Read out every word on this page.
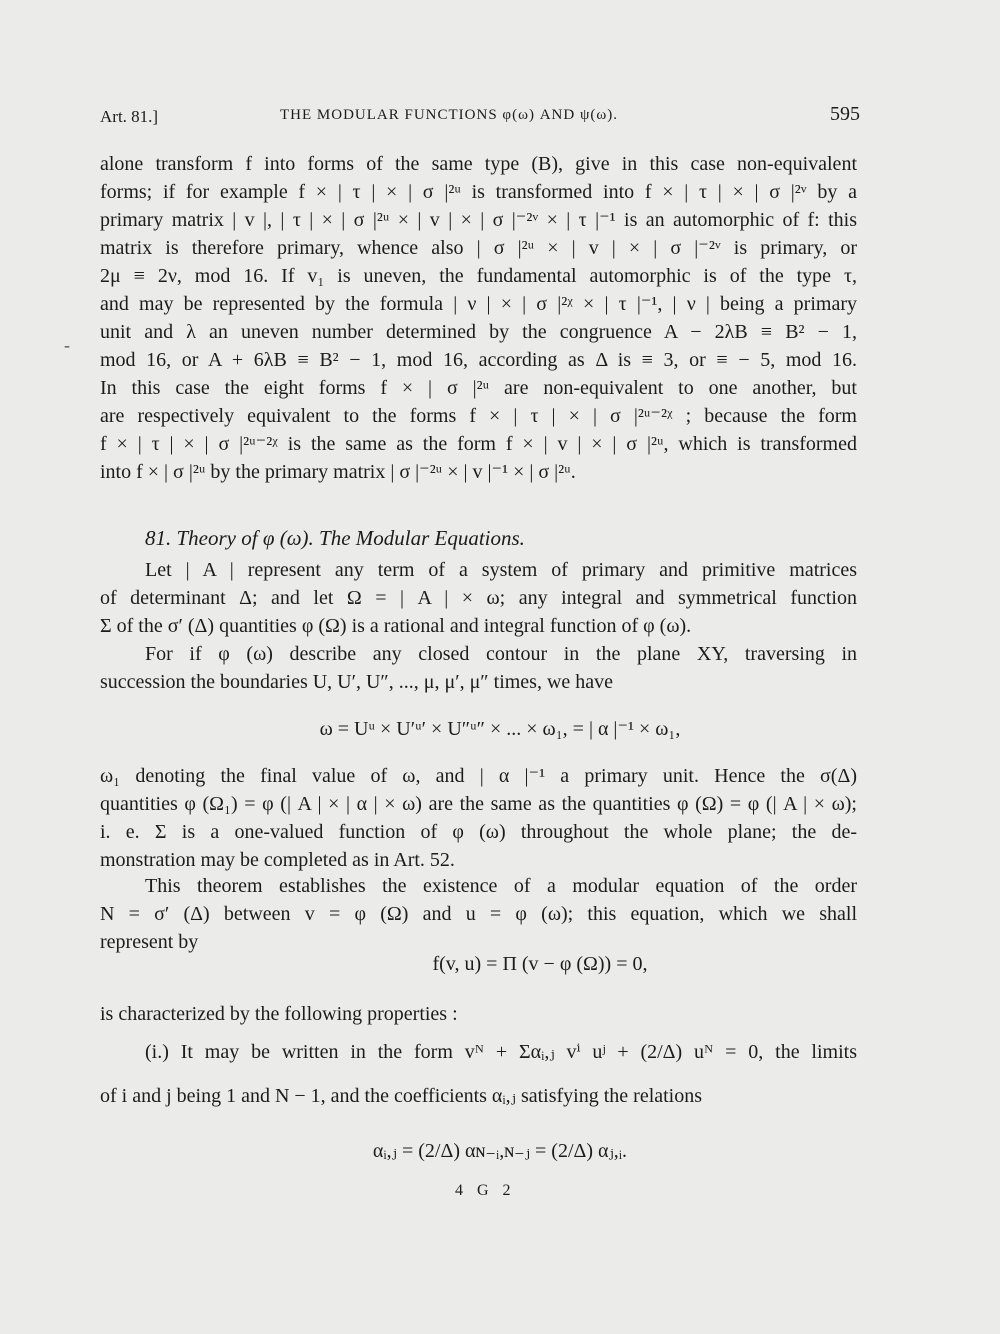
Art. 81.]	THE MODULAR FUNCTIONS φ(ω) AND ψ(ω).	595
alone transform f into forms of the same type (B), give in this case non-equivalent
forms; if for example f × | τ | × | σ |²ᵘ is transformed into f × | τ | × | σ |²ᵛ by a
primary matrix | v |, | τ | × | σ |²ᵘ × | v | × | σ |⁻²ᵛ × | τ |⁻¹ is an automorphic of f: this
matrix is therefore primary, whence also | σ |²ᵘ × | v | × | σ |⁻²ᵛ is primary, or
2μ ≡ 2ν, mod 16. If v₁ is uneven, the fundamental automorphic is of the type τ,
and may be represented by the formula | ν | × | σ |²ᵡ × | τ |⁻¹, | ν | being a primary
unit and λ an uneven number determined by the congruence A − 2λB ≡ B² − 1,
mod 16, or A + 6λB ≡ B² − 1, mod 16, according as Δ is ≡ 3, or ≡ − 5, mod 16.
In this case the eight forms f × | σ |²ᵘ are non-equivalent to one another, but
are respectively equivalent to the forms f × | τ | × | σ |²ᵘ⁻²ᵡ ; because the form
f × | τ | × | σ |²ᵘ⁻²ᵡ is the same as the form f × | v | × | σ |²ᵘ, which is transformed
into f × | σ |²ᵘ by the primary matrix | σ |⁻²ᵘ × | v |⁻¹ × | σ |²ᵘ.
-
81. Theory of φ (ω). The Modular Equations.
Let | A | represent any term of a system of primary and primitive matrices
of determinant Δ; and let Ω = | A | × ω; any integral and symmetrical function
Σ of the σ′ (Δ) quantities φ (Ω) is a rational and integral function of φ (ω).
For if φ (ω) describe any closed contour in the plane XY, traversing in
succession the boundaries U, U′, U″, ..., μ, μ′, μ″ times, we have
ω = Uᵘ × U′ᵘ′ × U″ᵘ″ × ... × ω₁, = | α |⁻¹ × ω₁,
ω₁ denoting the final value of ω, and | α |⁻¹ a primary unit. Hence the σ(Δ)
quantities φ (Ω₁) = φ (| A | × | α | × ω) are the same as the quantities φ (Ω) = φ (| A | × ω);
i. e. Σ is a one-valued function of φ (ω) throughout the whole plane; the de-
monstration may be completed as in Art. 52.
This theorem establishes the existence of a modular equation of the order
N = σ′ (Δ) between v = φ (Ω) and u = φ (ω); this equation, which we shall
represent by
f(v, u) = Π (v − φ (Ω)) = 0,
is characterized by the following properties :
(i.) It may be written in the form vᴺ + Σαᵢ,ⱼ vⁱ uʲ + (2/Δ) uᴺ = 0, the limits
of i and j being 1 and N − 1, and the coefficients αᵢ,ⱼ satisfying the relations
αᵢ,ⱼ = (2/Δ) αɴ₋ᵢ,ɴ₋ⱼ = (2/Δ) αⱼ,ᵢ.
4 G 2
